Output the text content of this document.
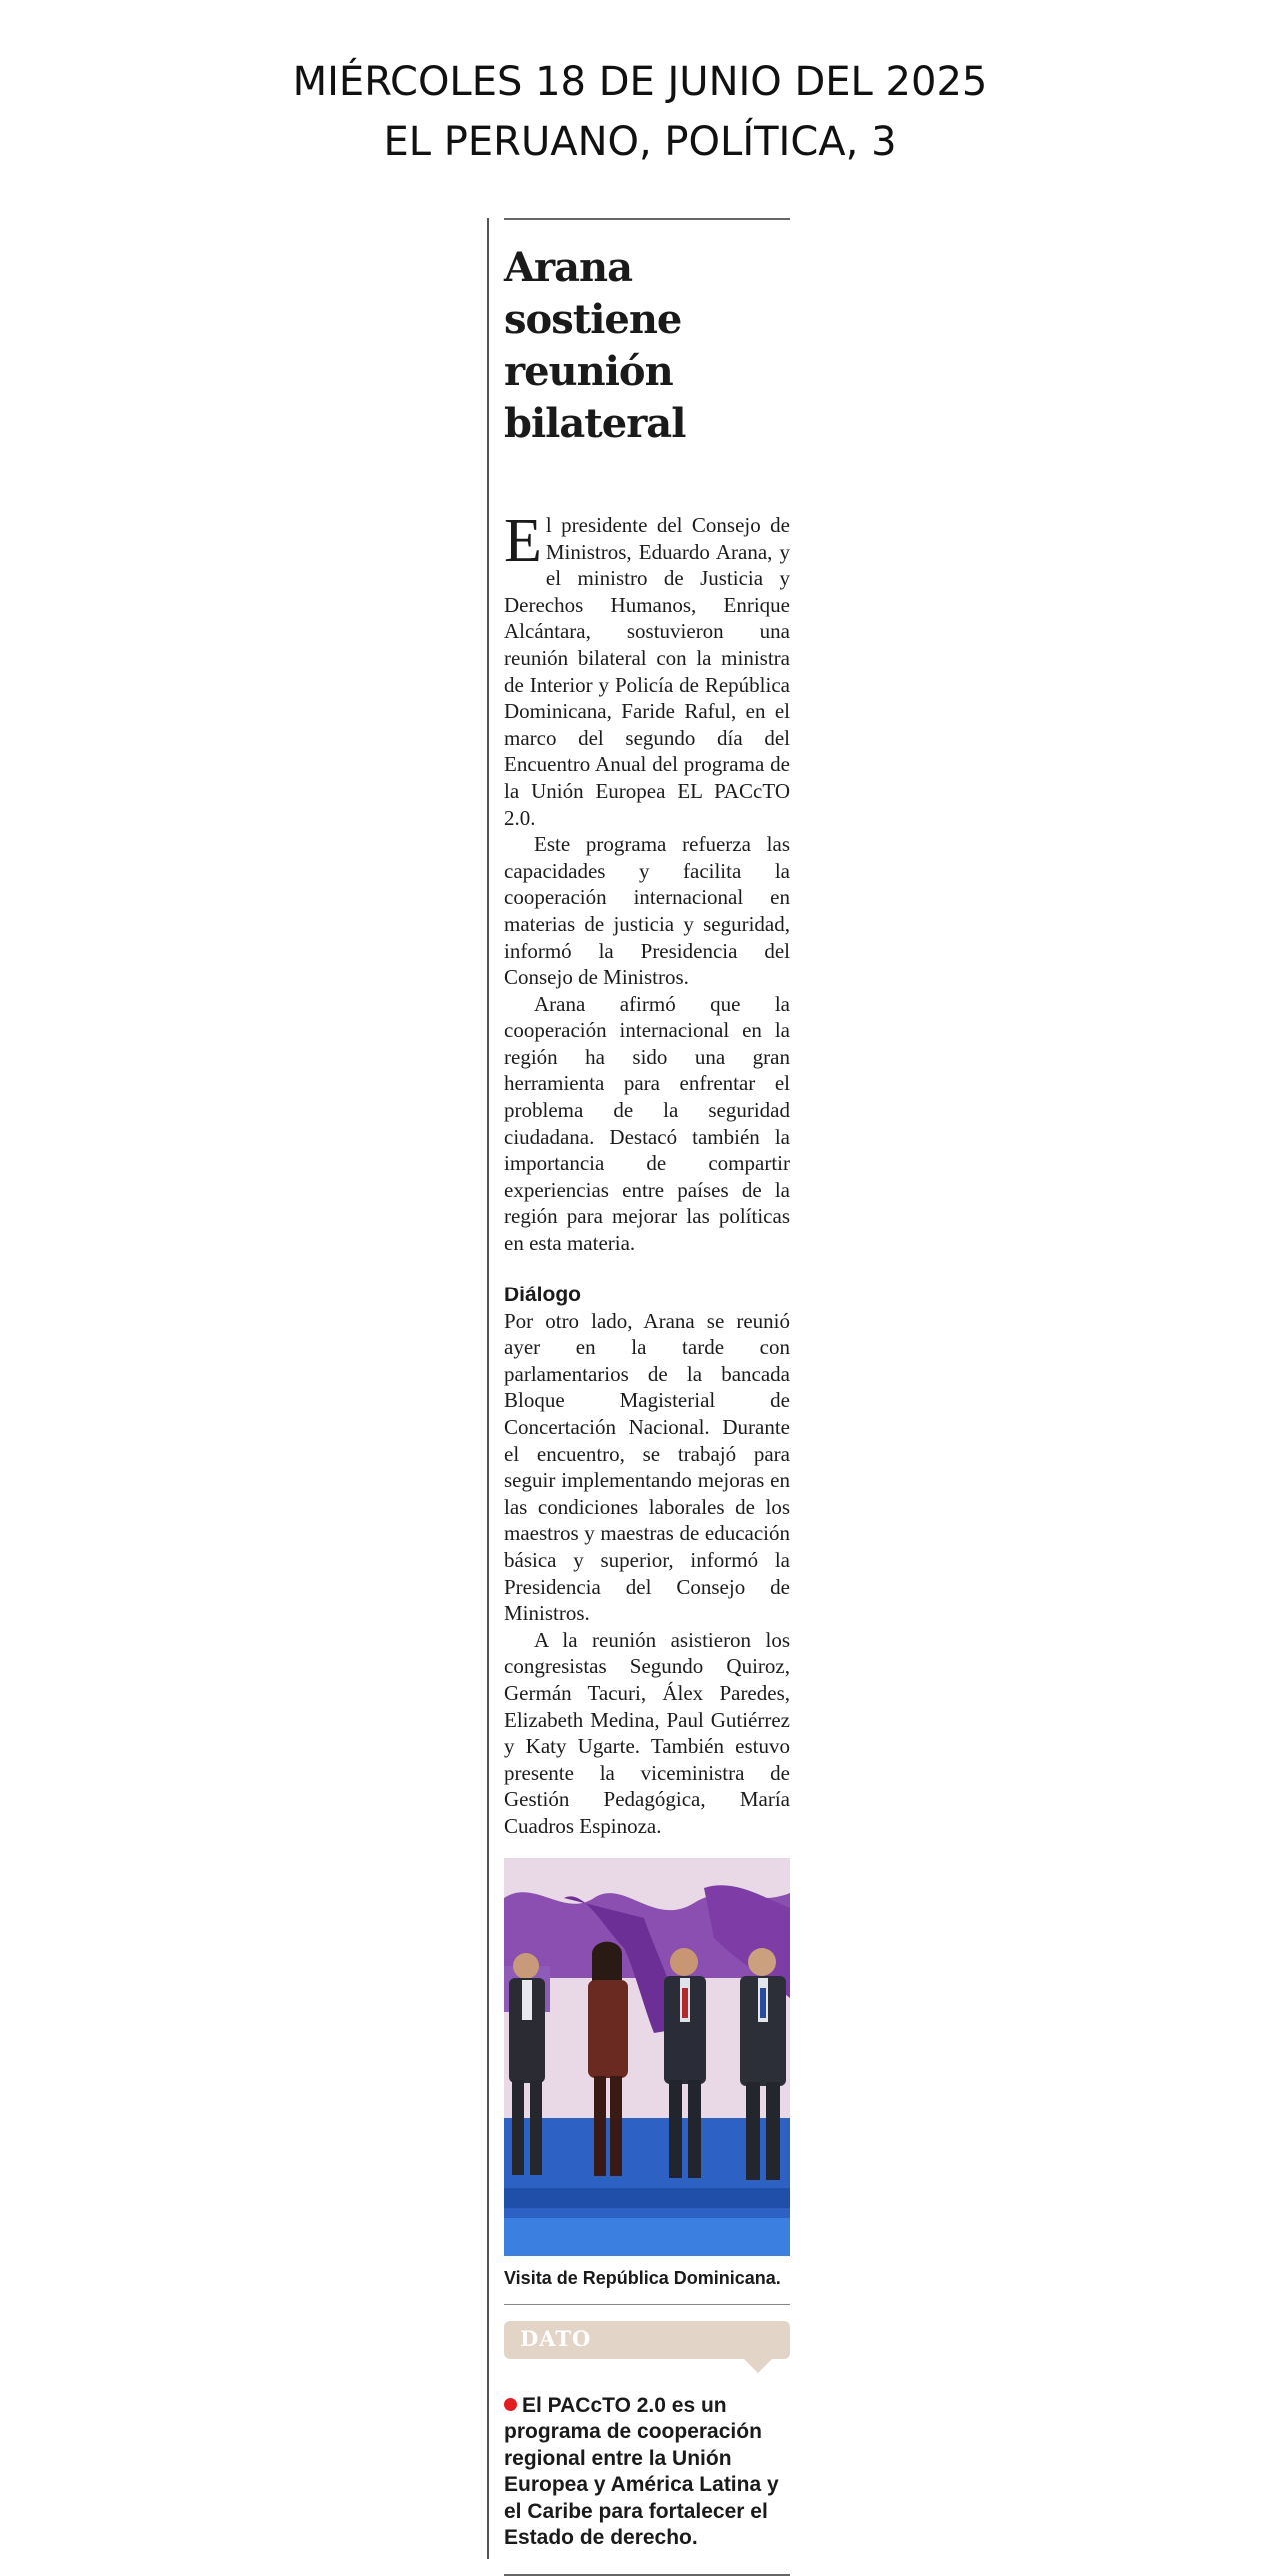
MIÉRCOLES 18 DE JUNIO DEL 2025
EL PERUANO, POLÍTICA, 3
Arana sostiene reunión bilateral

El presidente del Consejo de Ministros, Eduardo Arana, y el ministro de Justicia y Derechos Humanos, Enrique Alcántara, sostuvieron una reunión bilateral con la ministra de Interior y Policía de República Dominicana, Faride Raful, en el marco del segundo día del Encuentro Anual del programa de la Unión Europea EL PACcTO 2.0.

Este programa refuerza las capacidades y facilita la cooperación internacional en materias de justicia y seguridad, informó la Presidencia del Consejo de Ministros.

Arana afirmó que la cooperación internacional en la región ha sido una gran herramienta para enfrentar el problema de la seguridad ciudadana. Destacó también la importancia de compartir experiencias entre países de la región para mejorar las políticas en esta materia.

Diálogo

Por otro lado, Arana se reunió ayer en la tarde con parlamentarios de la bancada Bloque Magisterial de Concertación Nacional. Durante el encuentro, se trabajó para seguir implementando mejoras en las condiciones laborales de los maestros y maestras de educación básica y superior, informó la Presidencia del Consejo de Ministros.

A la reunión asistieron los congresistas Segundo Quiroz, Germán Tacuri, Álex Paredes, Elizabeth Medina, Paul Gutiérrez y Katy Ugarte. También estuvo presente la viceministra de Gestión Pedagógica, María Cuadros Espinoza.

Visita de República Dominicana.
DATO
El PACcTO 2.0 es un programa de cooperación regional entre la Unión Europea y América Latina y el Caribe para fortalecer el Estado de derecho.
